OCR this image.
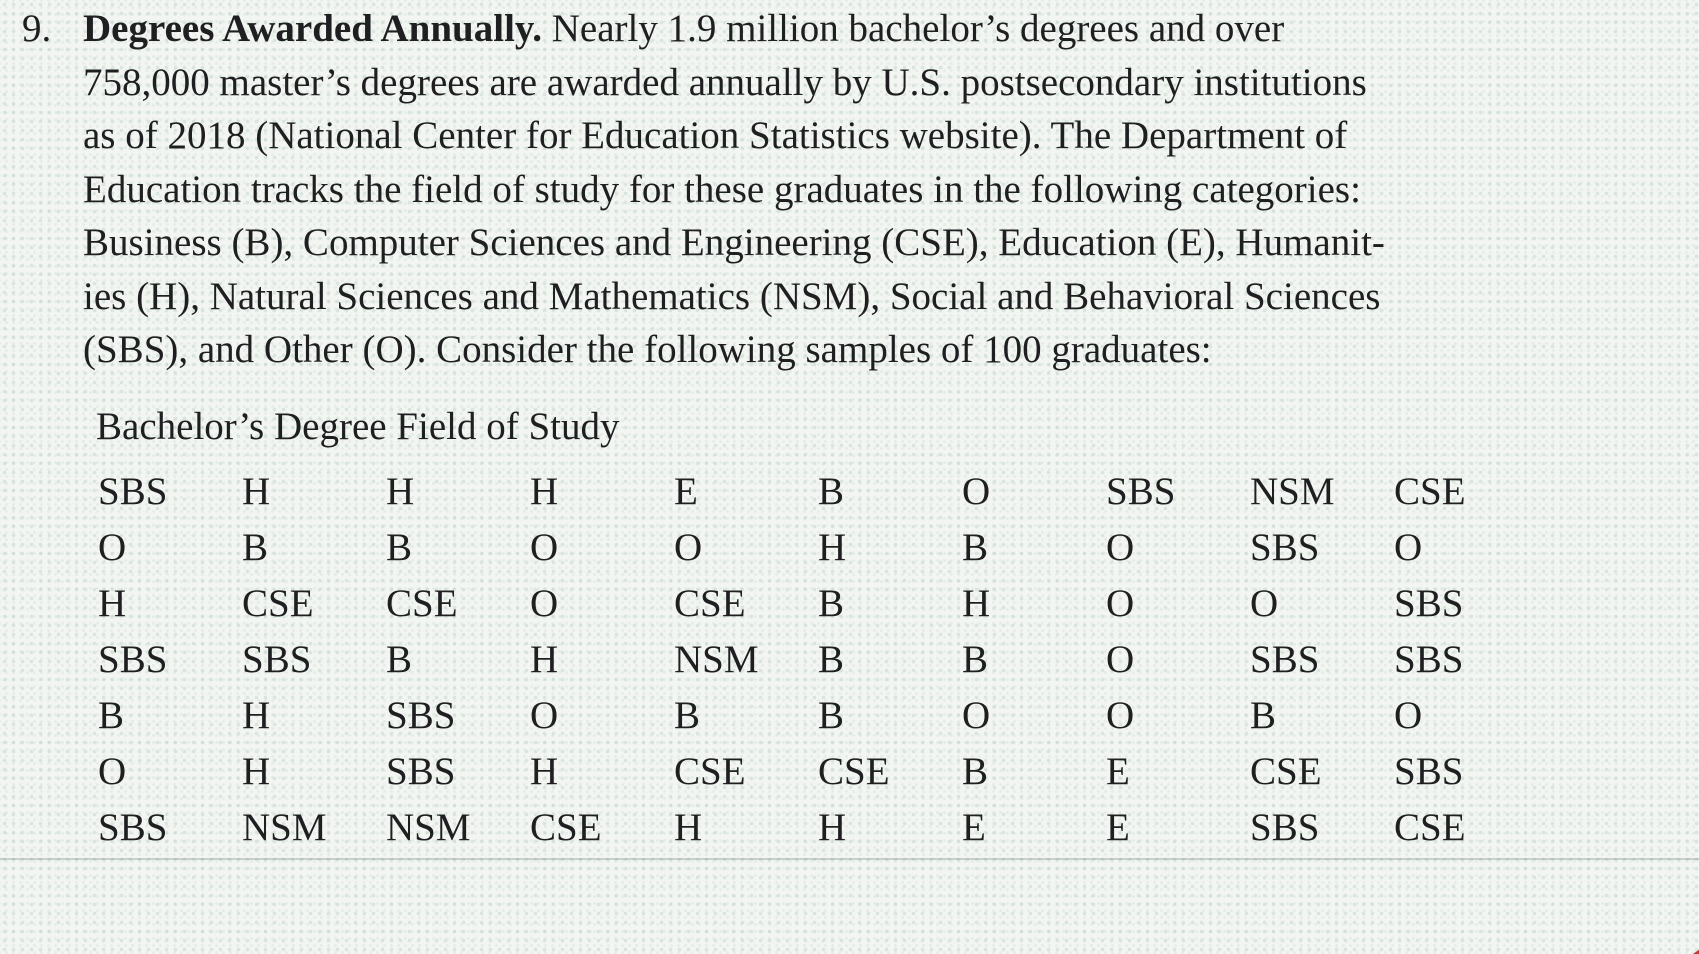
9. Degrees Awarded Annually. Nearly 1.9 million bachelor’s degrees and over
758,000 master’s degrees are awarded annually by U.S. postsecondary institutions
as of 2018 (National Center for Education Statistics website). The Department of
Education tracks the field of study for these graduates in the following categories:
Business (B), Computer Sciences and Engineering (CSE), Education (E), Humanit-
ies (H), Natural Sciences and Mathematics (NSM), Social and Behavioral Sciences
(SBS), and Other (O). Consider the following samples of 100 graduates:

Bachelor’s Degree Field of Study
SBS	H	H	H	E	B	O	SBS	NSM	CSE
O	B	B	O	O	H	B	O	SBS	O
H	CSE	CSE	O	CSE	B	H	O	O	SBS
SBS	SBS	B	H	NSM	B	B	O	SBS	SBS
B	H	SBS	O	B	B	O	O	B	O
O	H	SBS	H	CSE	CSE	B	E	CSE	SBS
SBS	NSM	NSM	CSE	H	H	E	E	SBS	CSE
